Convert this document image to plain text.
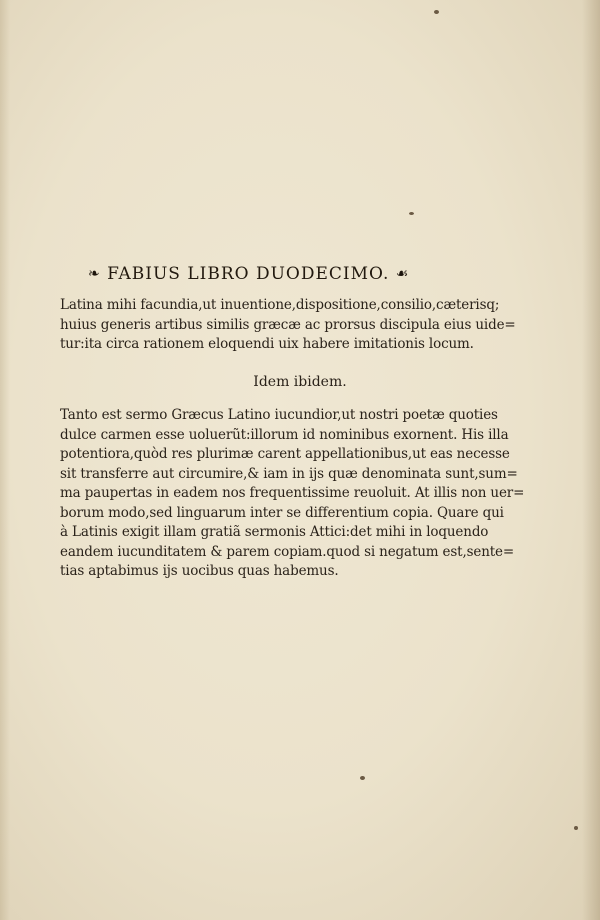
❧ FABIUS LIBRO DUODECIMO. ☙
Latina mihi facundia,ut inuentione,dispositione,consilio,cæterisq;
huius generis artibus similis græcæ ac prorsus discipula eius uide=
tur:ita circa rationem eloquendi uix habere imitationis locum.
Idem ibidem.
Tanto est sermo Græcus Latino iucundior,ut nostri poetæ quoties
dulce carmen esse uoluerũt:illorum id nominibus exornent. His illa
potentiora,quòd res plurimæ carent appellationibus,ut eas necesse
sit transferre aut circumire,& iam in ijs quæ denominata sunt,sum=
ma paupertas in eadem nos frequentissime reuoluit. At illis non uer=
borum modo,sed linguarum inter se differentium copia. Quare qui
à Latinis exigit illam gratiã sermonis Attici:det mihi in loquendo
eandem iucunditatem & parem copiam.quod si negatum est,sente=
tias aptabimus ijs uocibus quas habemus.
